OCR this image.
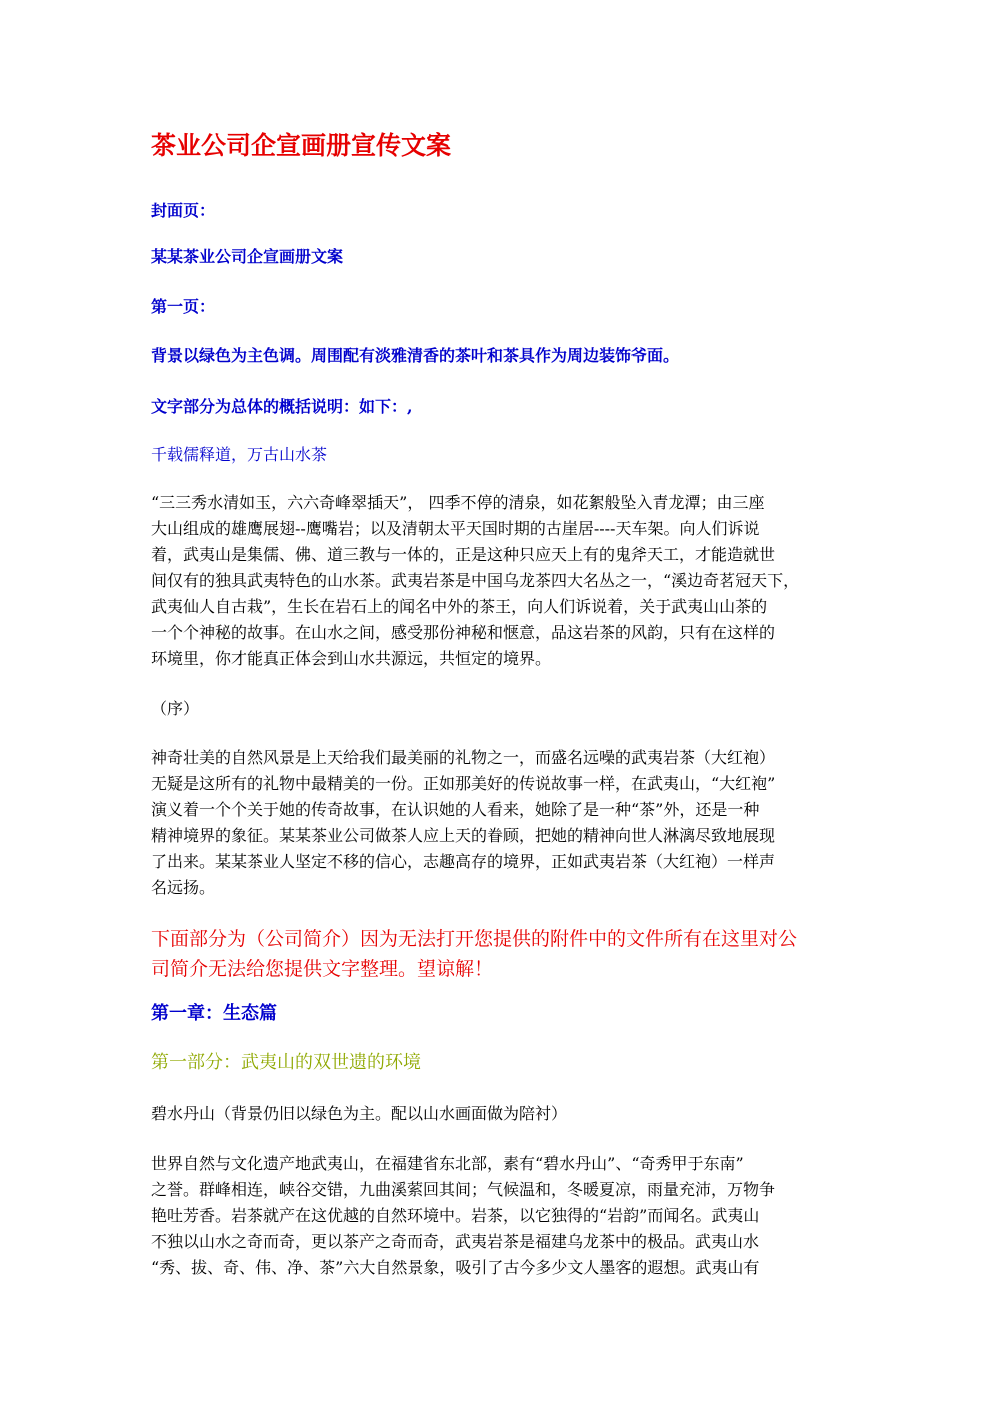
茶业公司企宣画册宣传文案

封面页：

某某茶业公司企宣画册文案

第一页：

背景以绿色为主色调。周围配有淡雅清香的茶叶和茶具作为周边装饰爷面。

文字部分为总体的概括说明：如下：,

千载儒释道，万古山水茶

“三三秀水清如玉，六六奇峰翠插天”， 四季不停的清泉，如花絮般坠入青龙潭；由三座
大山组成的雄鹰展翅--鹰嘴岩；以及清朝太平天国时期的古崖居----天车架。向人们诉说
着，武夷山是集儒、佛、道三教与一体的，正是这种只应天上有的鬼斧天工，才能造就世
间仅有的独具武夷特色的山水茶。武夷岩茶是中国乌龙茶四大名丛之一，“溪边奇茗冠天下，
武夷仙人自古栽”，生长在岩石上的闻名中外的茶王，向人们诉说着，关于武夷山山茶的
一个个神秘的故事。在山水之间，感受那份神秘和惬意，品这岩茶的风韵，只有在这样的
环境里，你才能真正体会到山水共源远，共恒定的境界。

（序）

神奇壮美的自然风景是上天给我们最美丽的礼物之一，而盛名远噪的武夷岩茶（大红袍）
无疑是这所有的礼物中最精美的一份。正如那美好的传说故事一样，在武夷山，“大红袍”
演义着一个个关于她的传奇故事，在认识她的人看来，她除了是一种“茶”外，还是一种
精神境界的象征。某某茶业公司做茶人应上天的眷顾，把她的精神向世人淋漓尽致地展现
了出来。某某茶业人坚定不移的信心，志趣高存的境界，正如武夷岩茶（大红袍）一样声
名远扬。
下面部分为（公司简介）因为无法打开您提供的附件中的文件所有在这里对公
司简介无法给您提供文字整理。望谅解！

第一章：生态篇

第一部分：武夷山的双世遗的环境

碧水丹山（背景仍旧以绿色为主。配以山水画面做为陪衬）

世界自然与文化遗产地武夷山，在福建省东北部，素有“碧水丹山”、“奇秀甲于东南”
之誉。群峰相连，峡谷交错，九曲溪萦回其间；气候温和，冬暖夏凉，雨量充沛，万物争
艳吐芳香。岩茶就产在这优越的自然环境中。岩茶，以它独得的“岩韵”而闻名。武夷山
不独以山水之奇而奇，更以茶产之奇而奇，武夷岩茶是福建乌龙茶中的极品。武夷山水
“秀、拔、奇、伟、净、茶”六大自然景象，吸引了古今多少文人墨客的遐想。武夷山有
